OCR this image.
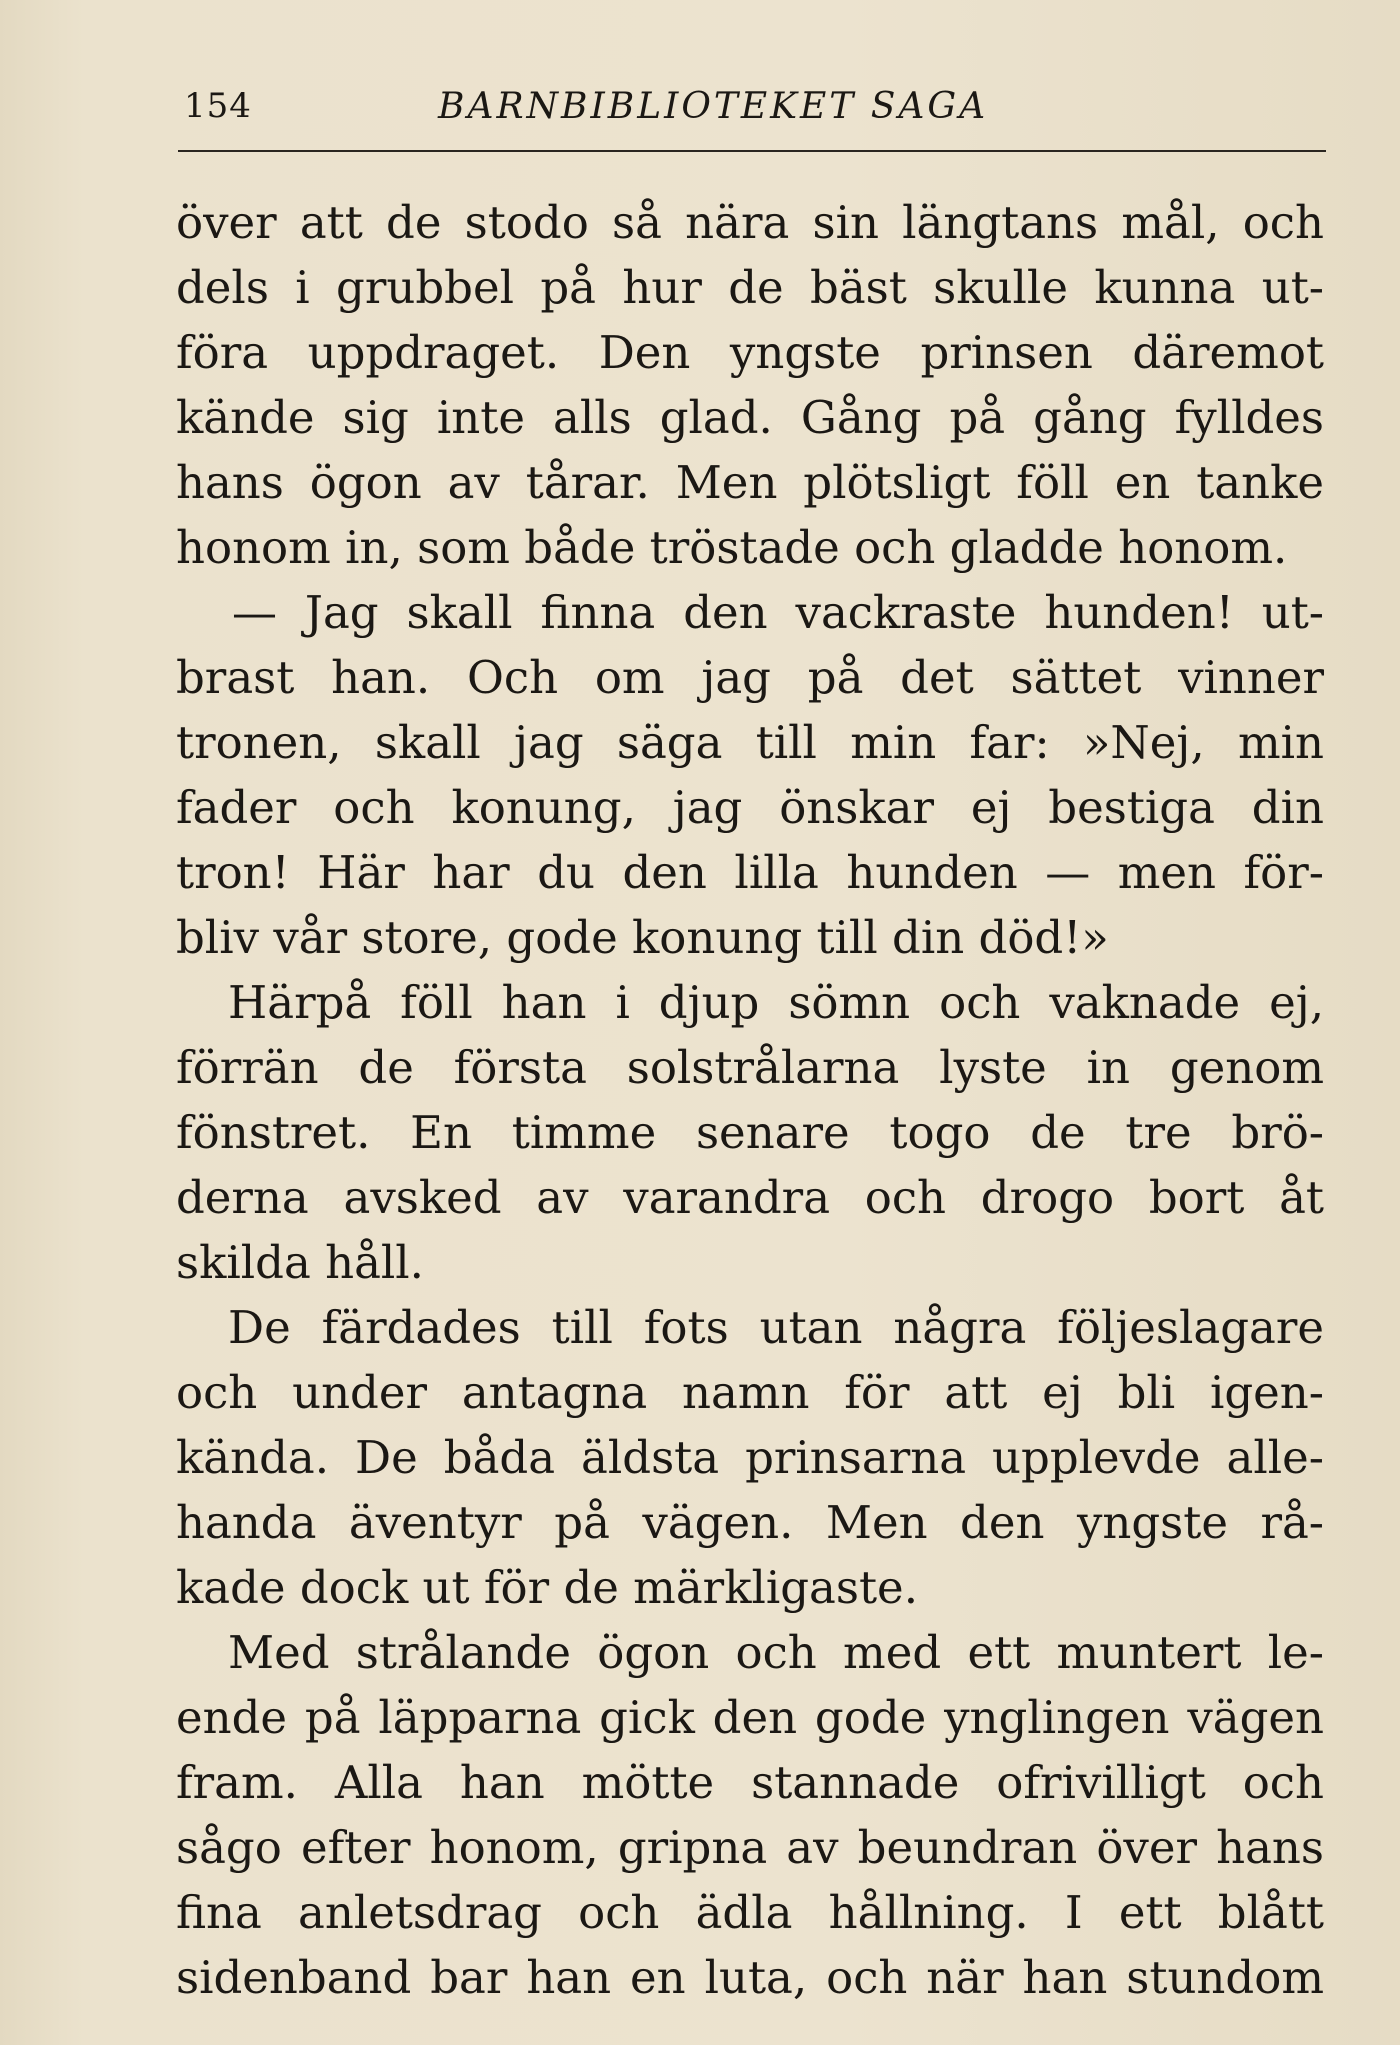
154	BARNBIBLIOTEKET SAGA
över att de stodo så nära sin längtans mål, och
dels i grubbel på hur de bäst skulle kunna ut-
föra uppdraget. Den yngste prinsen däremot
kände sig inte alls glad. Gång på gång fylldes
hans ögon av tårar. Men plötsligt föll en tanke
honom in, som både tröstade och gladde honom.
— Jag skall finna den vackraste hunden! ut-
brast han. Och om jag på det sättet vinner
tronen, skall jag säga till min far: »Nej, min
fader och konung, jag önskar ej bestiga din
tron! Här har du den lilla hunden — men för-
bliv vår store, gode konung till din död!»
Härpå föll han i djup sömn och vaknade ej,
förrän de första solstrålarna lyste in genom
fönstret. En timme senare togo de tre brö-
derna avsked av varandra och drogo bort åt
skilda håll.
De färdades till fots utan några följeslagare
och under antagna namn för att ej bli igen-
kända. De båda äldsta prinsarna upplevde alle-
handa äventyr på vägen. Men den yngste rå-
kade dock ut för de märkligaste.
Med strålande ögon och med ett muntert le-
ende på läpparna gick den gode ynglingen vägen
fram. Alla han mötte stannade ofrivilligt och
sågo efter honom, gripna av beundran över hans
fina anletsdrag och ädla hållning. I ett blått
sidenband bar han en luta, och när han stundom
